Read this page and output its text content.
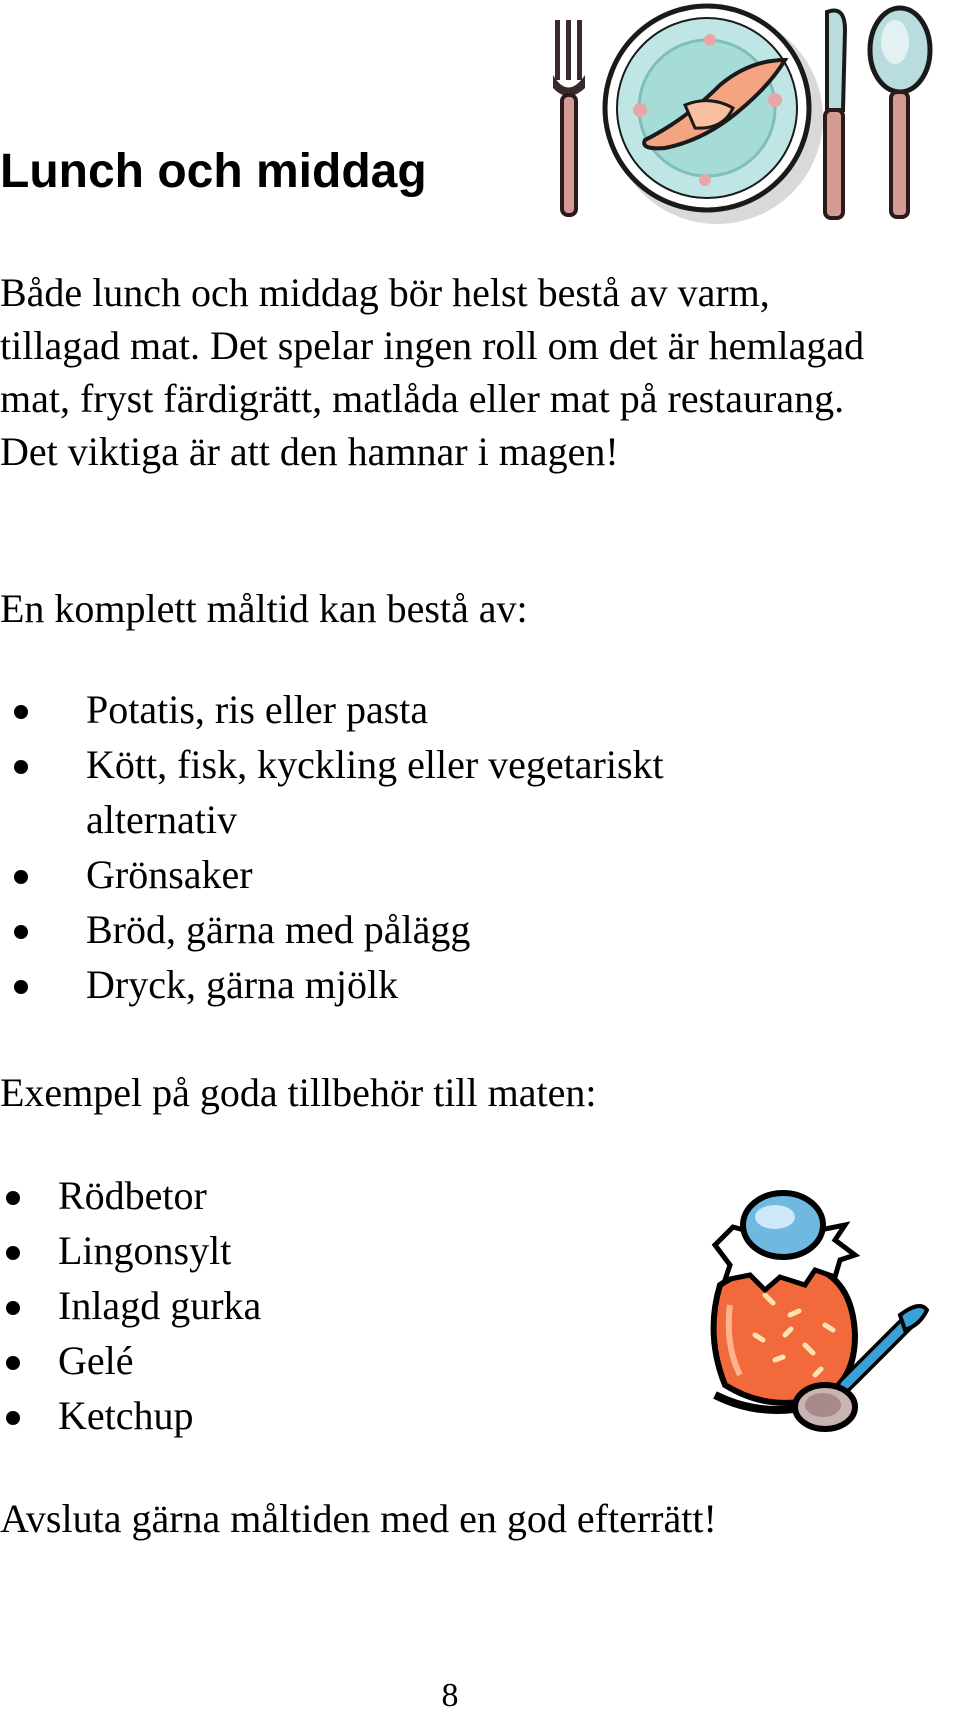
Lunch och middag

Både lunch och middag bör helst bestå av varm, tillagad mat. Det spelar ingen roll om det är hemlagad mat, fryst färdigrätt, matlåda eller mat på restaurang. Det viktiga är att den hamnar i magen!

En komplett måltid kan bestå av:

Potatis, ris eller pasta
Kött, fisk, kyckling eller vegetariskt alternativ
Grönsaker
Bröd, gärna med pålägg
Dryck, gärna mjölk

Exempel på goda tillbehör till maten:

Rödbetor
Lingonsylt
Inlagd gurka
Gelé
Ketchup

Avsluta gärna måltiden med en god efterrätt!

8
